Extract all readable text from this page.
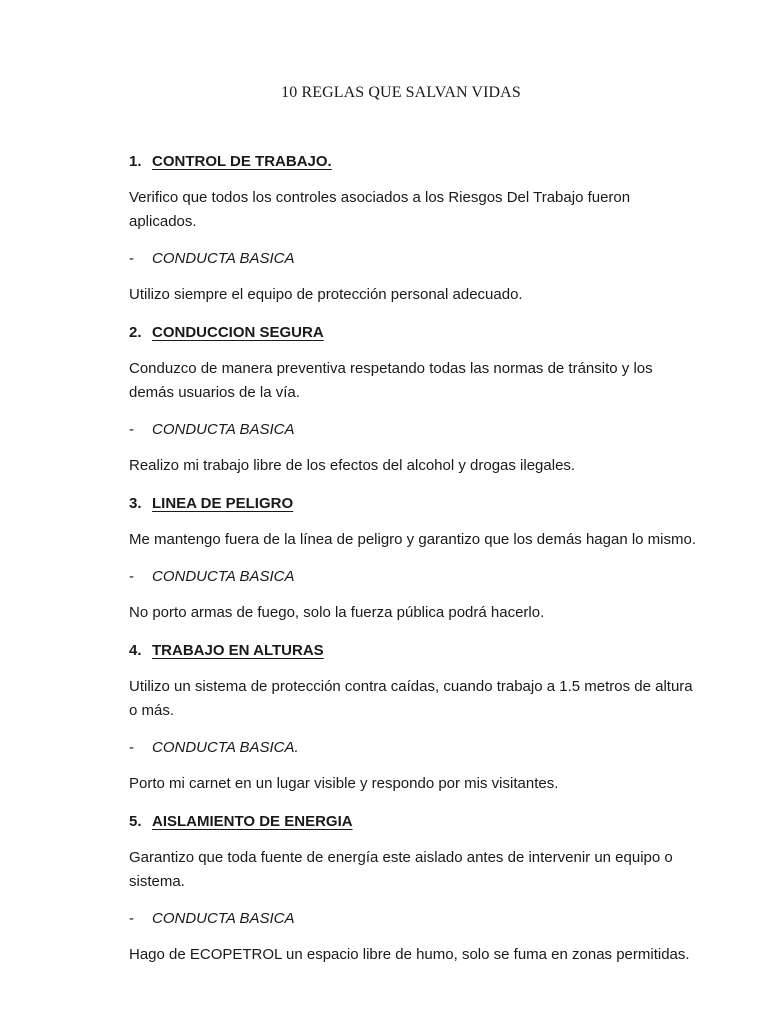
10 REGLAS QUE SALVAN VIDAS
1. CONTROL DE TRABAJO.

Verifico que todos los controles asociados a los Riesgos Del Trabajo fueron aplicados.

- CONDUCTA BASICA

Utilizo siempre el equipo de protección personal adecuado.

2. CONDUCCION SEGURA

Conduzco de manera preventiva respetando todas las normas de tránsito y los demás usuarios de la vía.

- CONDUCTA BASICA

Realizo mi trabajo libre de los efectos del alcohol y drogas ilegales.

3. LINEA DE PELIGRO

Me mantengo fuera de la línea de peligro y garantizo que los demás hagan lo mismo.

- CONDUCTA BASICA

No porto armas de fuego, solo la fuerza pública podrá hacerlo.

4. TRABAJO EN ALTURAS

Utilizo un sistema de protección contra caídas, cuando trabajo a 1.5 metros de altura o más.

- CONDUCTA BASICA.

Porto mi carnet en un lugar visible y respondo por mis visitantes.

5. AISLAMIENTO DE ENERGIA

Garantizo que toda fuente de energía este aislado antes de intervenir un equipo o sistema.

- CONDUCTA BASICA

Hago de ECOPETROL un espacio libre de humo, solo se fuma en zonas permitidas.
